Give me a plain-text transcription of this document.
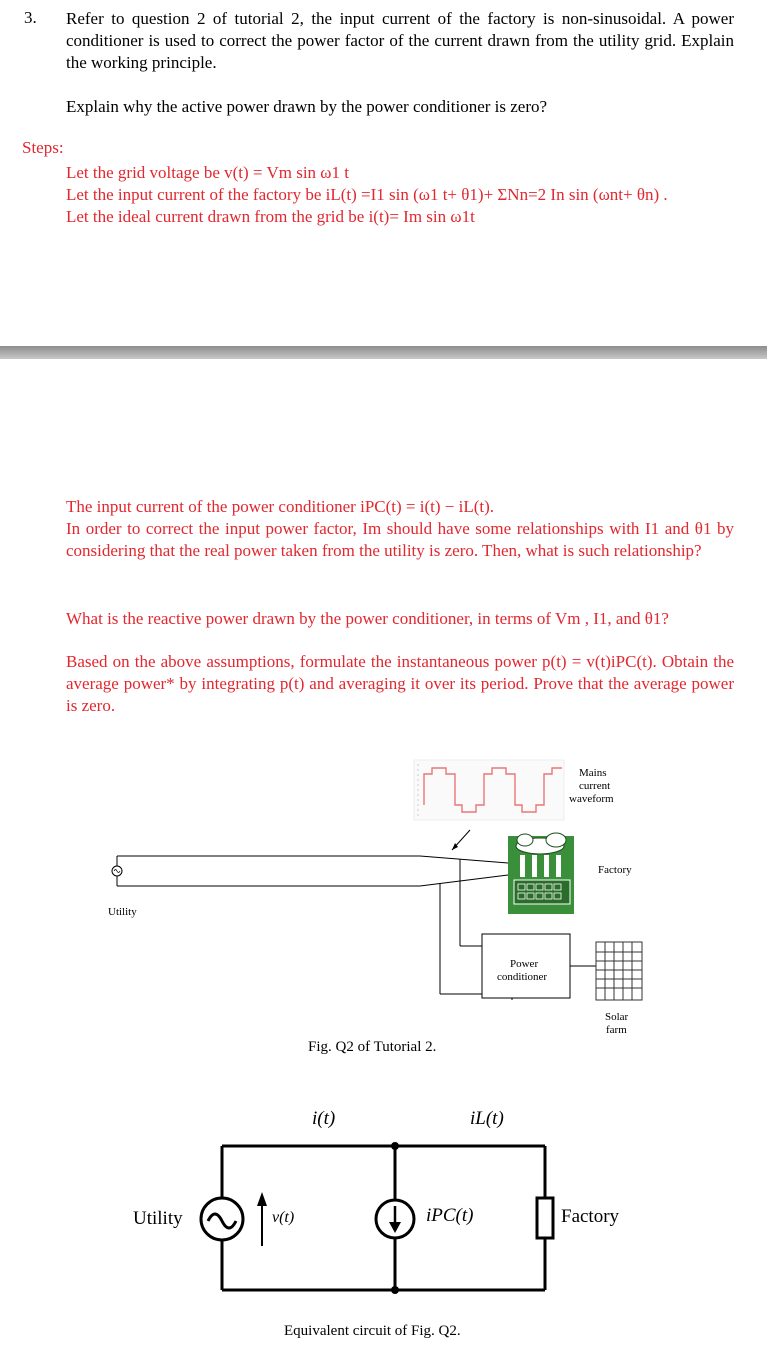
3. Refer to question 2 of tutorial 2, the input current of the factory is non-sinusoidal. A power conditioner is used to correct the power factor of the current drawn from the utility grid. Explain the working principle.
Explain why the active power drawn by the power conditioner is zero?
Steps:
Let the grid voltage be v(t) = Vm sin ω1 t
Let the input current of the factory be iL(t) =I1 sin (ω1 t+ θ1)+ ΣNn=2 In sin (ωnt+ θn) .
Let the ideal current drawn from the grid be i(t)= Im sin ω1t
The input current of the power conditioner iPC(t) = i(t) − iL(t).
In order to correct the input power factor, Im should have some relationships with I1 and θ1 by considering that the real power taken from the utility is zero. Then, what is such relationship?
What is the reactive power drawn by the power conditioner, in terms of Vm , I1, and θ1?
Based on the above assumptions, formulate the instantaneous power p(t) = v(t)iPC(t). Obtain the average power* by integrating p(t) and averaging it over its period. Prove that the average power is zero.
Mains
current
waveform
Factory
Utility
Power
conditioner
Solar
farm
Fig. Q2 of Tutorial 2.
i(t)	iL(t)
Utility	v(t)	iPC(t)	Factory
Equivalent circuit of Fig. Q2.
